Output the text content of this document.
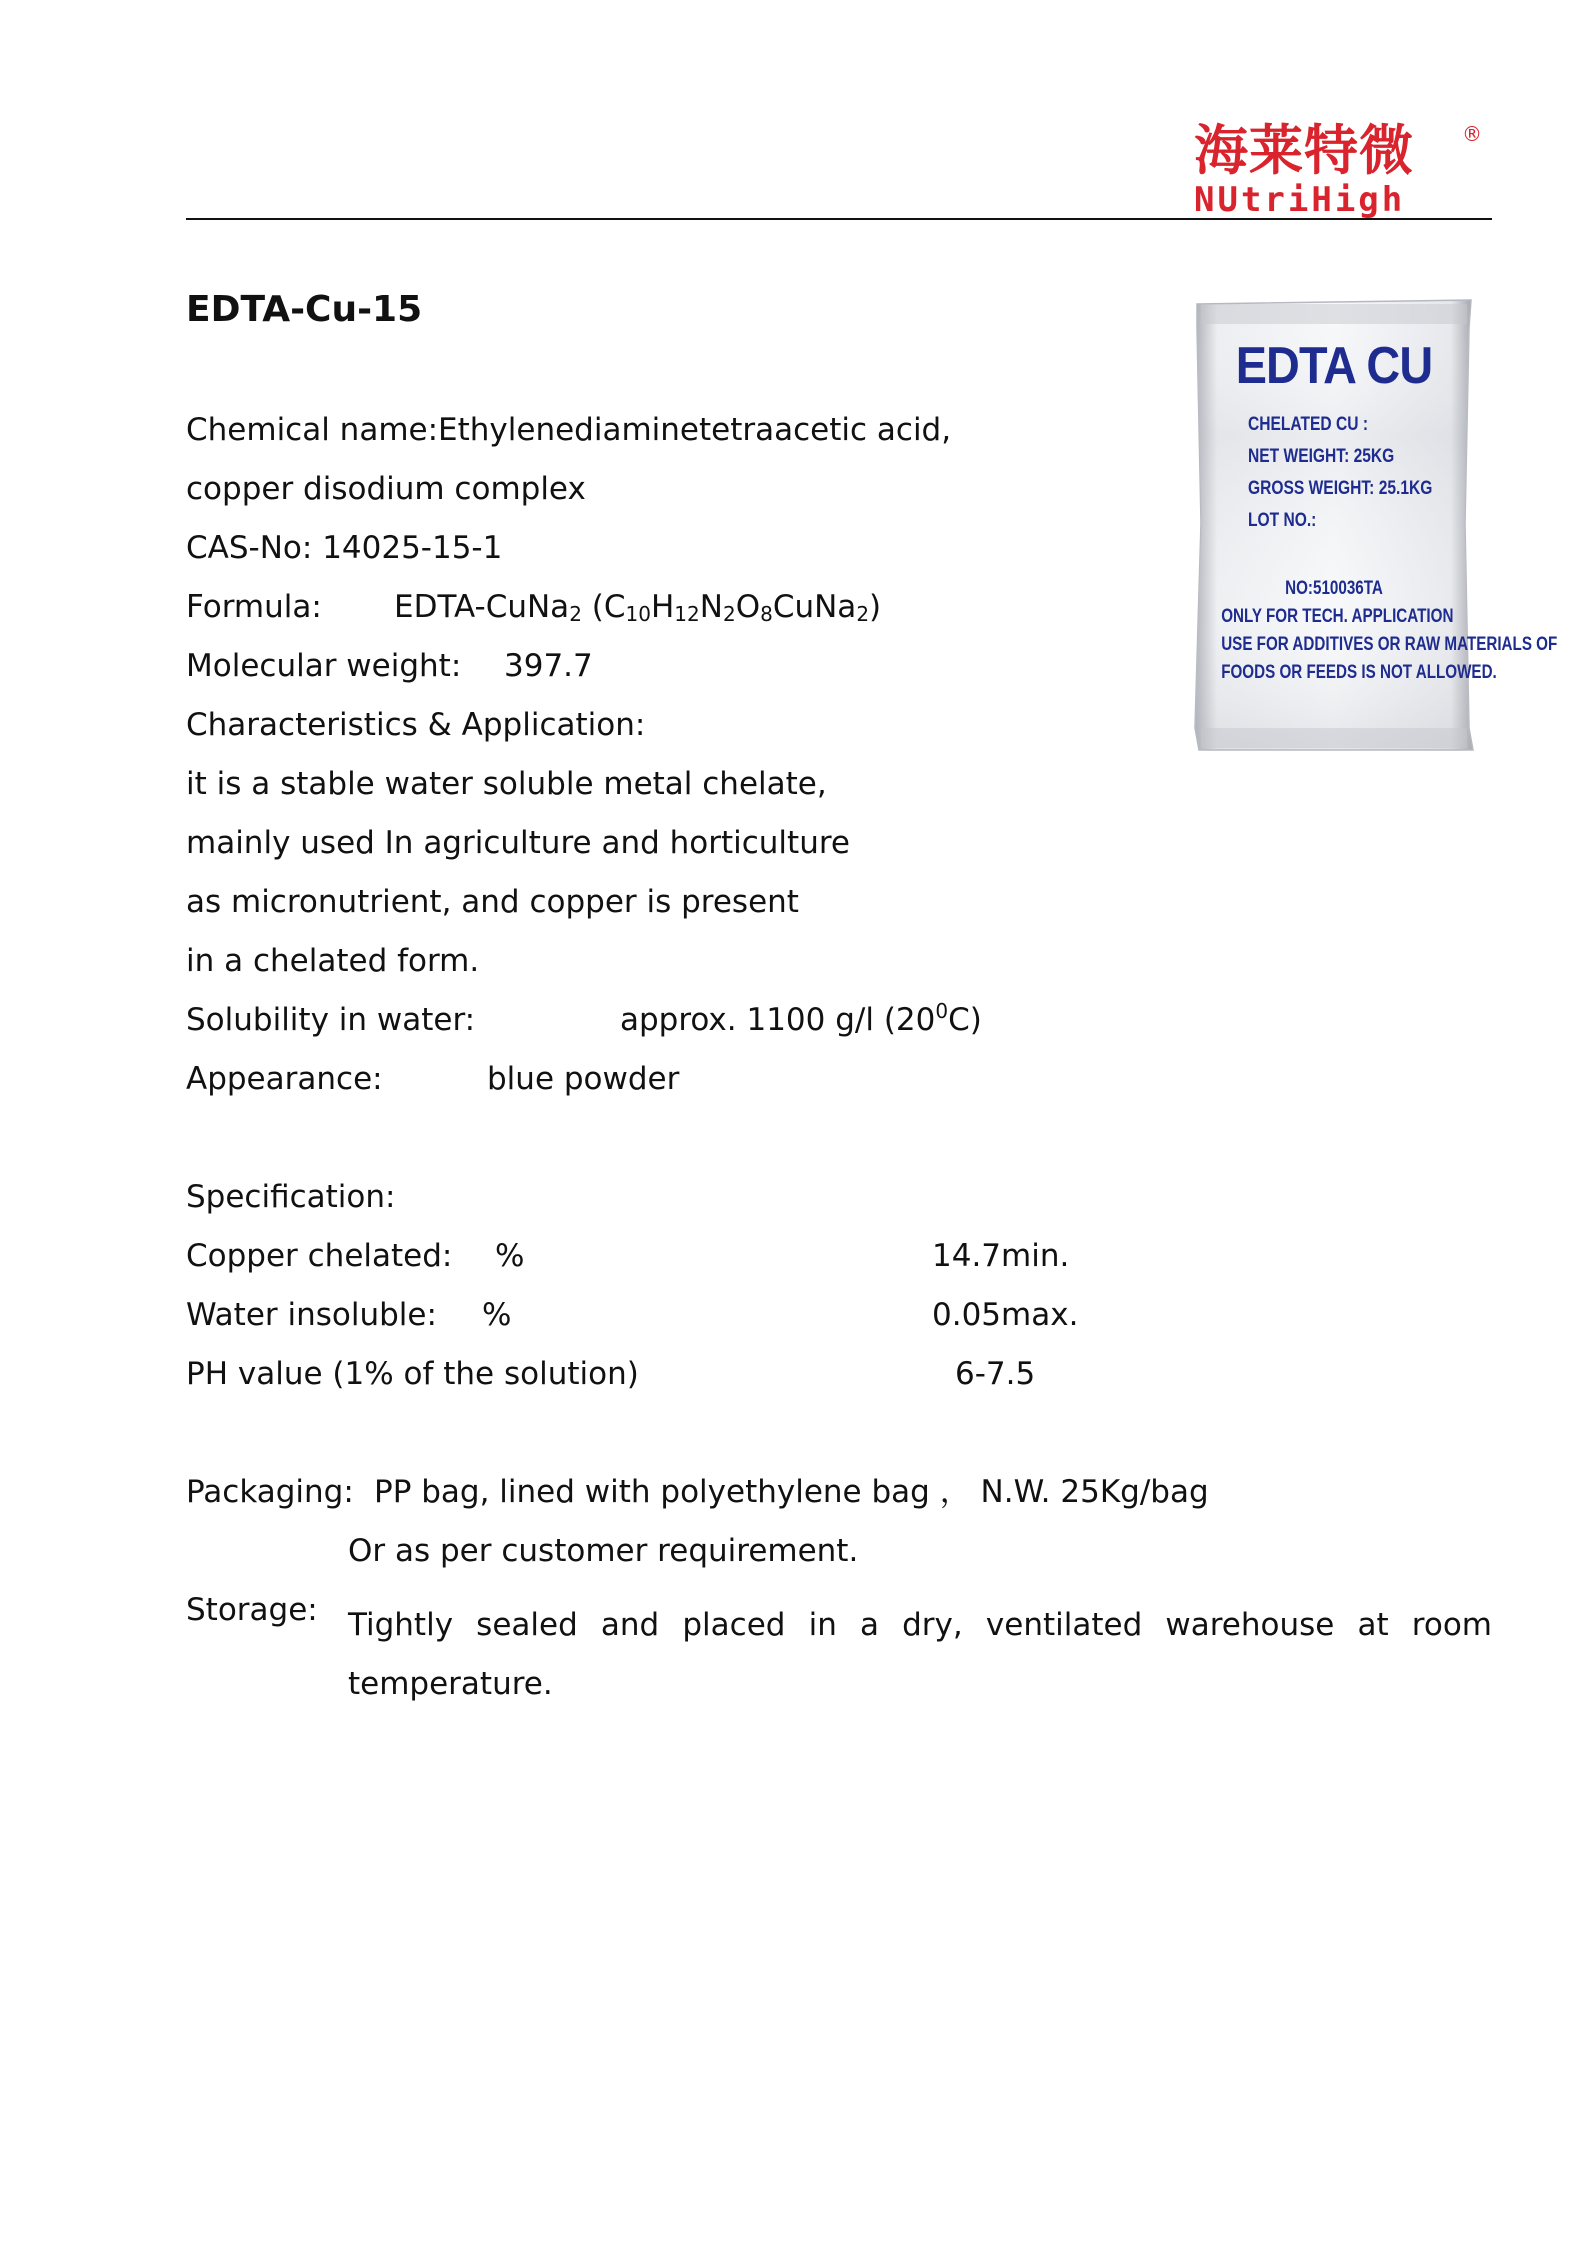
海莱特微 ®
NUtriHigh
EDTA-Cu-15
Chemical name:Ethylenediaminetetraacetic acid,
copper disodium complex
CAS-No: 14025-15-1
Formula: EDTA-CuNa$_2$ $(C_{10}H_{12}N_2O_8CuNa_2)$
Molecular weight: 397.7
Characteristics & Application:
it is a stable water soluble metal chelate,
mainly used In agriculture and horticulture
as micronutrient, and copper is present
in a chelated form.
Solubility in water:	approx. 1100 g/l $(20^0C)$
Appearance:	blue powder
Specification:
Copper chelated: %	14.7min.
Water insoluble: %	0.05max.
PH value (1% of the solution)	6-7.5
Packaging: PP bag, lined with polyethylene bag ， N.W. 25Kg/bag
Or as per customer requirement.
Storage: Tightly sealed and placed in a dry, ventilated warehouse at room temperature.
EDTA CU
CHELATED CU :
NET WEIGHT: 25KG
GROSS WEIGHT: 25.1KG
LOT NO.:
NO:510036TA
ONLY FOR TECH. APPLICATION
USE FOR ADDITIVES OR RAW MATERIALS OF
FOODS OR FEEDS IS NOT ALLOWED.
